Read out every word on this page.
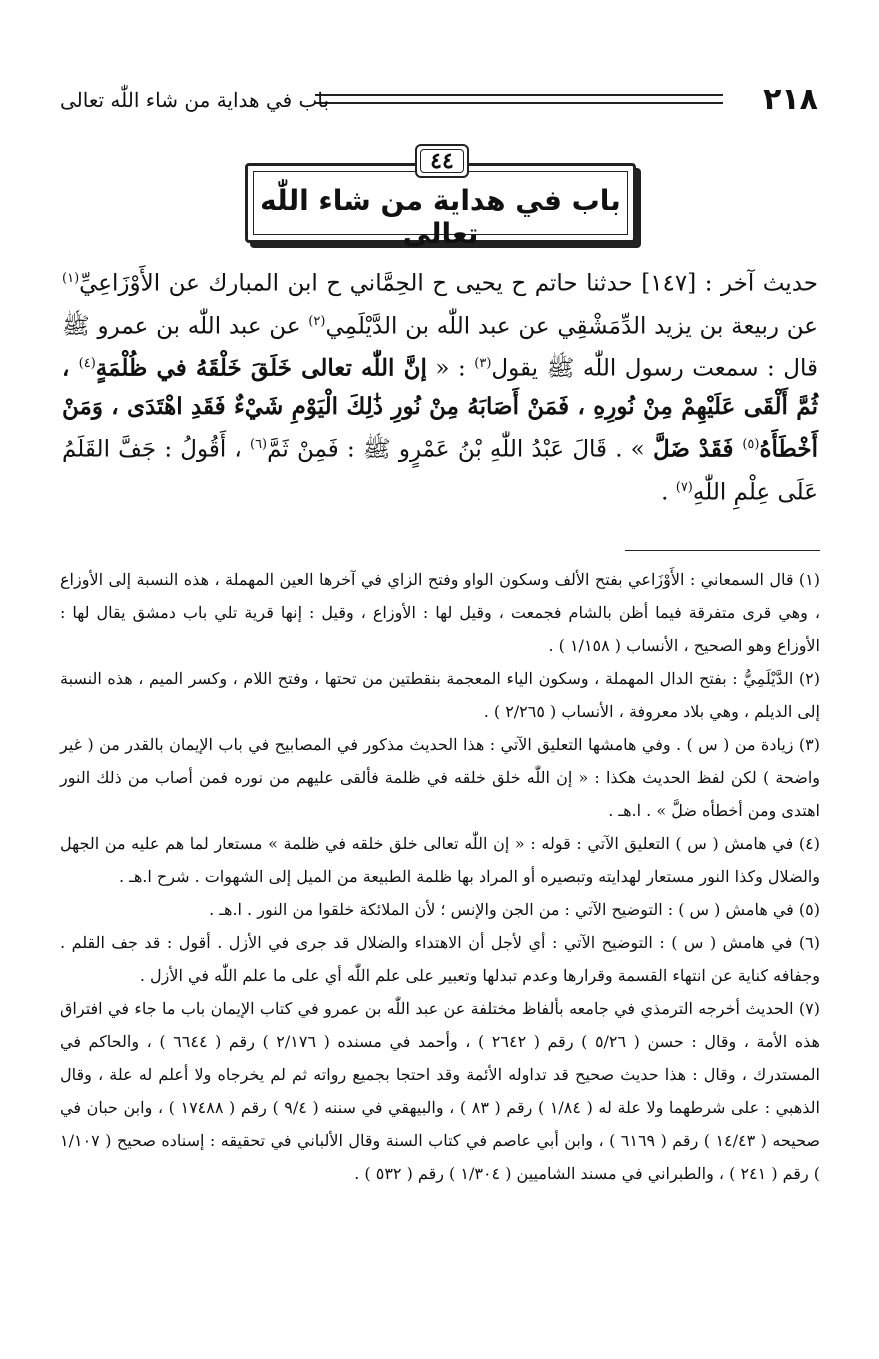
٢١٨
باب في هداية من شاء اللّٰه تعالى
٤٤
باب في هداية من شاء اللّٰه تعالى

حديث آخر : [١٤٧] حدثنا حاتم ح يحيى ح الحِمَّاني ح ابن المبارك عن الأَوْزَاعِيِّ$^{(١)}$ عن ربيعة بن يزيد الدِّمَشْقِي عن عبد اللّٰه بن الدَّيْلَمِي$^{(٢)}$ عن عبد اللّٰه بن عمرو ﷺ قال : سمعت رسول اللّٰه ﷺ يقول$^{(٣)}$ : « إنَّ اللّٰه تعالى خَلَقَ خَلْقَهُ في ظُلْمَةٍ$^{(٤)}$ ، ثُمَّ أَلْقَى عَلَيْهِمْ مِنْ نُورِهِ ، فَمَنْ أَصَابَهُ مِنْ نُورِ ذَٰلِكَ الْيَوْمِ شَيْءٌ فَقَدِ اهْتَدَى ، وَمَنْ أَخْطَأَهُ$^{(٥)}$ فَقَدْ ضَلَّ » . قَالَ عَبْدُ اللّٰهِ بْنُ عَمْرٍو ﷺ : فَمِنْ ثَمَّ$^{(٦)}$ ، أَقُولُ : جَفَّ القَلَمُ عَلَى عِلْمِ اللّٰهِ$^{(٧)}$ .

(١) قال السمعاني : الأَوْزَاعي بفتح الألف وسكون الواو وفتح الزاي في آخرها العين المهملة ، هذه النسبة إلى الأوزاع ، وهي قرى متفرقة فيما أظن بالشام فجمعت ، وقيل لها : الأوزاع ، وقيل : إنها قرية تلي باب دمشق يقال لها : الأوزاع وهو الصحيح ، الأنساب ( ١/١٥٨ ) .

(٢) الدَّيْلَمِيُّ : بفتح الدال المهملة ، وسكون الياء المعجمة بنقطتين من تحتها ، وفتح اللام ، وكسر الميم ، هذه النسبة إلى الديلم ، وهي بلاد معروفة ، الأنساب ( ٢/٢٦٥ ) .

(٣) زيادة من ( س ) . وفي هامشها التعليق الآتي : هذا الحديث مذكور في المصابيح في باب الإيمان بالقدر من ( غير واضحة ) لكن لفظ الحديث هكذا : « إن اللّٰه خلق خلقه في ظلمة فألقى عليهم من نوره فمن أصاب من ذلك النور اهتدى ومن أخطأه ضلَّ » . ا.هـ .

(٤) في هامش ( س ) التعليق الآتي : قوله : « إن اللّٰه تعالى خلق خلقه في ظلمة » مستعار لما هم عليه من الجهل والضلال وكذا النور مستعار لهدايته وتبصيره أو المراد بها ظلمة الطبيعة من الميل إلى الشهوات . شرح ا.هـ .

(٥) في هامش ( س ) : التوضيح الآتي : من الجن والإنس ؛ لأن الملائكة خلقوا من النور . ا.هـ .

(٦) في هامش ( س ) : التوضيح الآتي : أي لأجل أن الاهتداء والضلال قد جرى في الأزل . أقول : قد جف القلم . وجفافه كناية عن انتهاء القسمة وقرارها وعدم تبدلها وتعبير على علم اللّٰه أي على ما علم اللّٰه في الأزل .

(٧) الحديث أخرجه الترمذي في جامعه بألفاظ مختلفة عن عبد اللّٰه بن عمرو في كتاب الإيمان باب ما جاء في افتراق هذه الأمة ، وقال : حسن ( ٥/٢٦ ) رقم ( ٢٦٤٢ ) ، وأحمد في مسنده ( ٢/١٧٦ ) رقم ( ٦٦٤٤ ) ، والحاكم في المستدرك ، وقال : هذا حديث صحيح قد تداوله الأئمة وقد احتجا بجميع رواته ثم لم يخرجاه ولا أعلم له علة ، وقال الذهبي : على شرطهما ولا علة له ( ١/٨٤ ) رقم ( ٨٣ ) ، والبيهقي في سننه ( ٩/٤ ) رقم ( ١٧٤٨٨ ) ، وابن حبان في صحيحه ( ١٤/٤٣ ) رقم ( ٦١٦٩ ) ، وابن أبي عاصم في كتاب السنة وقال الألباني في تحقيقه : إسناده صحيح ( ١/١٠٧ ) رقم ( ٢٤١ ) ، والطبراني في مسند الشاميين ( ١/٣٠٤ ) رقم ( ٥٣٢ ) .
